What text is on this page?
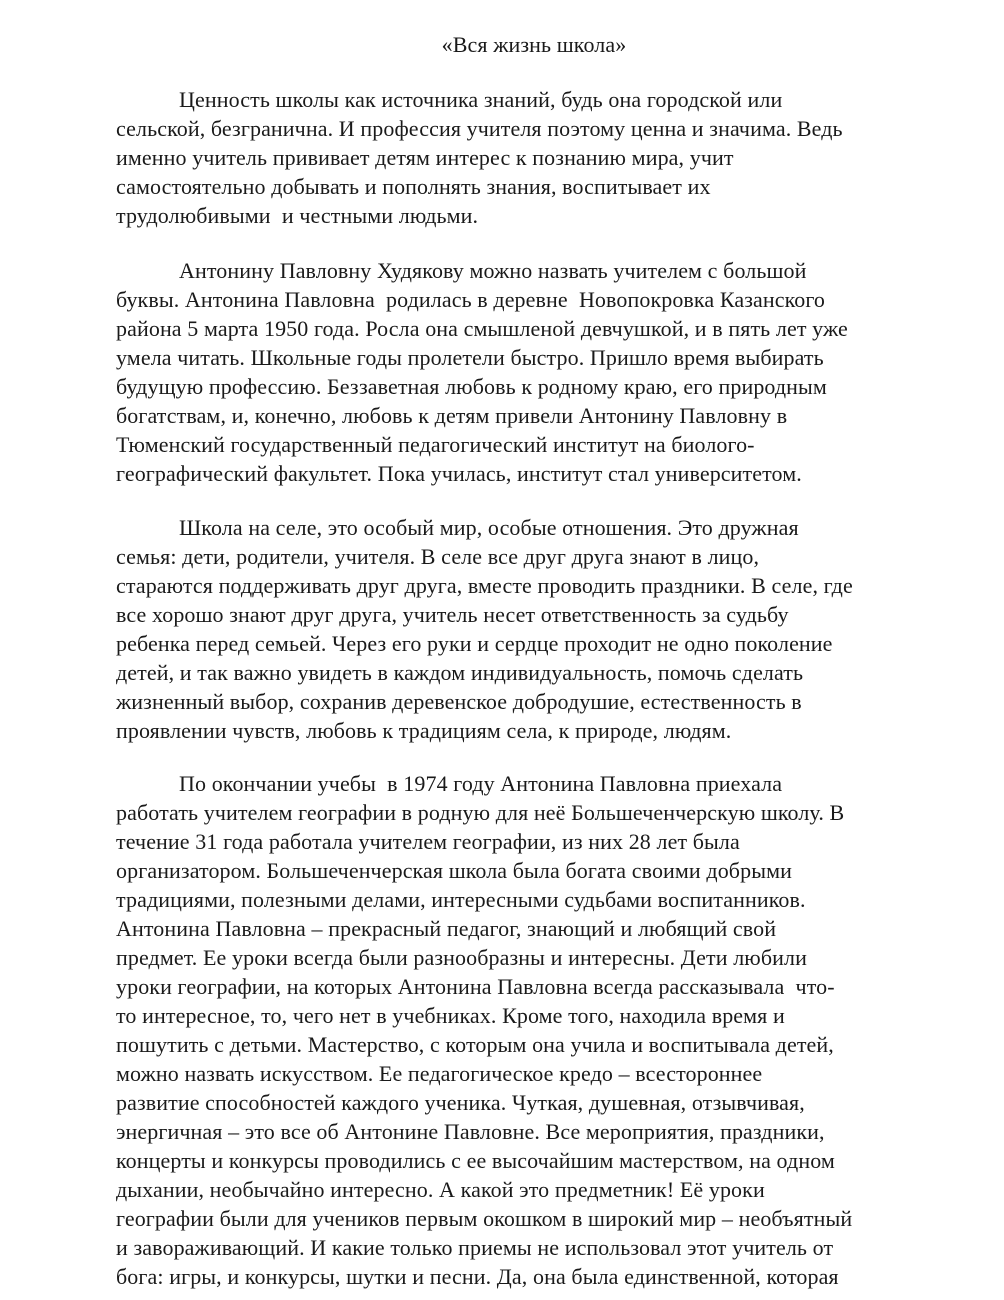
«Вся жизнь школа»
Ценность школы как источника знаний, будь она городской или
сельской, безгранична. И профессия учителя поэтому ценна и значима. Ведь
именно учитель прививает детям интерес к познанию мира, учит
самостоятельно добывать и пополнять знания, воспитывает их
трудолюбивыми  и честными людьми.
Антонину Павловну Худякову можно назвать учителем с большой
буквы. Антонина Павловна  родилась в деревне  Новопокровка Казанского
района 5 марта 1950 года. Росла она смышленой девчушкой, и в пять лет уже
умела читать. Школьные годы пролетели быстро. Пришло время выбирать
будущую профессию. Беззаветная любовь к родному краю, его природным
богатствам, и, конечно, любовь к детям привели Антонину Павловну в
Тюменский государственный педагогический институт на биолого-
географический факультет. Пока училась, институт стал университетом.
Школа на селе, это особый мир, особые отношения. Это дружная
семья: дети, родители, учителя. В селе все друг друга знают в лицо,
стараются поддерживать друг друга, вместе проводить праздники. В селе, где
все хорошо знают друг друга, учитель несет ответственность за судьбу
ребенка перед семьей. Через его руки и сердце проходит не одно поколение
детей, и так важно увидеть в каждом индивидуальность, помочь сделать
жизненный выбор, сохранив деревенское добродушие, естественность в
проявлении чувств, любовь к традициям села, к природе, людям.
По окончании учебы  в 1974 году Антонина Павловна приехала
работать учителем географии в родную для неё Большеченчерскую школу. В
течение 31 года работала учителем географии, из них 28 лет была
организатором. Большеченчерская школа была богата своими добрыми
традициями, полезными делами, интересными судьбами воспитанников.
Антонина Павловна – прекрасный педагог, знающий и любящий свой
предмет. Ее уроки всегда были разнообразны и интересны. Дети любили
уроки географии, на которых Антонина Павловна всегда рассказывала  что-
то интересное, то, чего нет в учебниках. Кроме того, находила время и
пошутить с детьми. Мастерство, с которым она учила и воспитывала детей,
можно назвать искусством. Ее педагогическое кредо – всестороннее
развитие способностей каждого ученика. Чуткая, душевная, отзывчивая,
энергичная – это все об Антонине Павловне. Все мероприятия, праздники,
концерты и конкурсы проводились с ее высочайшим мастерством, на одном
дыхании, необычайно интересно. А какой это предметник! Её уроки
географии были для учеников первым окошком в широкий мир – необъятный
и завораживающий. И какие только приемы не использовал этот учитель от
бога: игры, и конкурсы, шутки и песни. Да, она была единственной, которая
